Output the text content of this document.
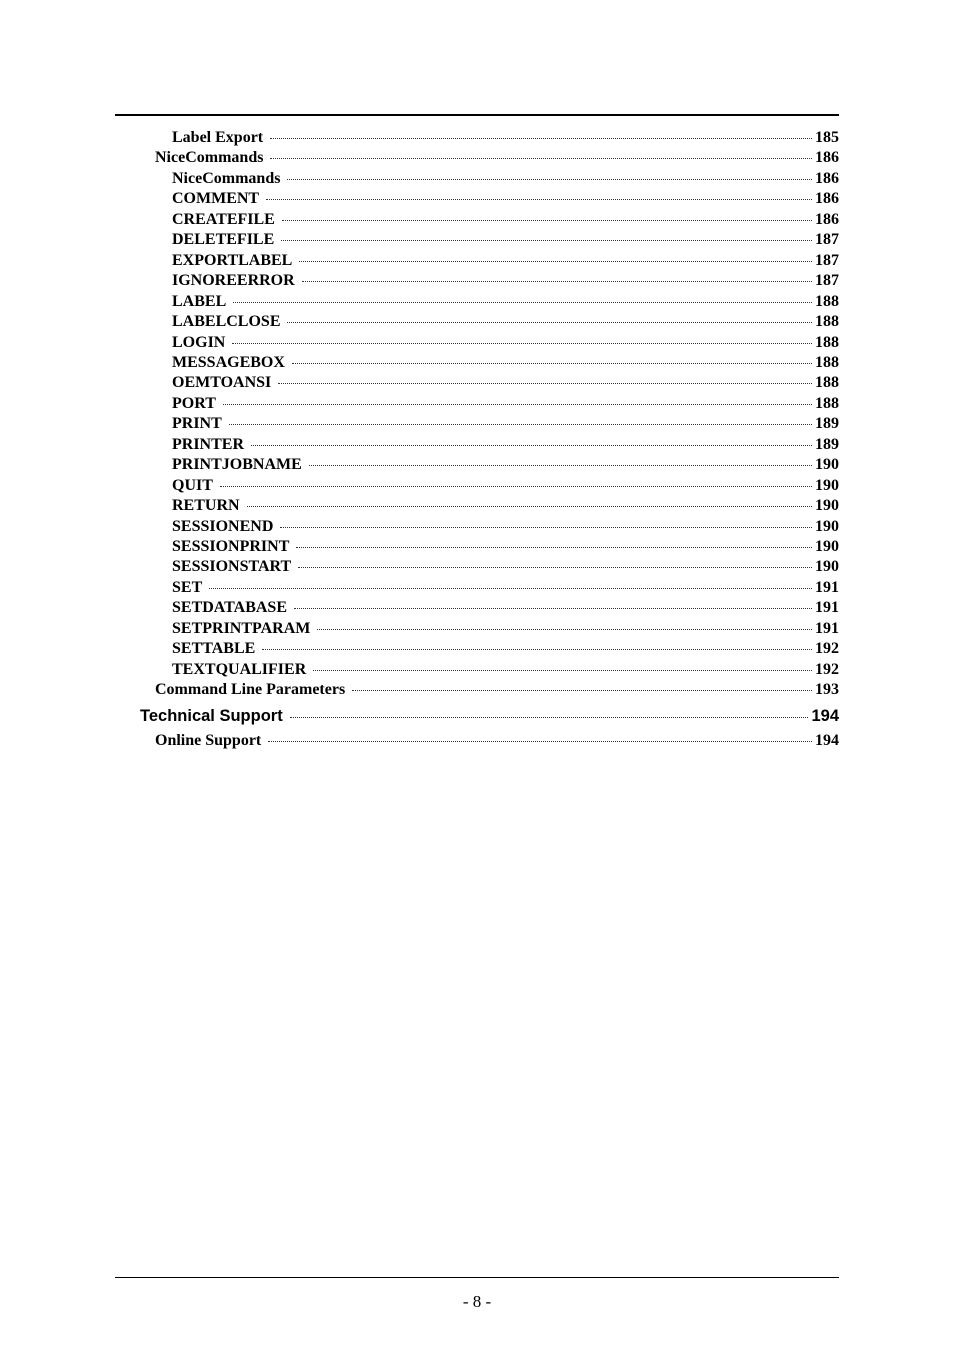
Label Export	185
NiceCommands	186
NiceCommands	186
COMMENT	186
CREATEFILE	186
DELETEFILE	187
EXPORTLABEL	187
IGNOREERROR	187
LABEL	188
LABELCLOSE	188
LOGIN	188
MESSAGEBOX	188
OEMTOANSI	188
PORT	188
PRINT	189
PRINTER	189
PRINTJOBNAME	190
QUIT	190
RETURN	190
SESSIONEND	190
SESSIONPRINT	190
SESSIONSTART	190
SET	191
SETDATABASE	191
SETPRINTPARAM	191
SETTABLE	192
TEXTQUALIFIER	192
Command Line Parameters	193
Technical Support	194
Online Support	194
- 8 -
